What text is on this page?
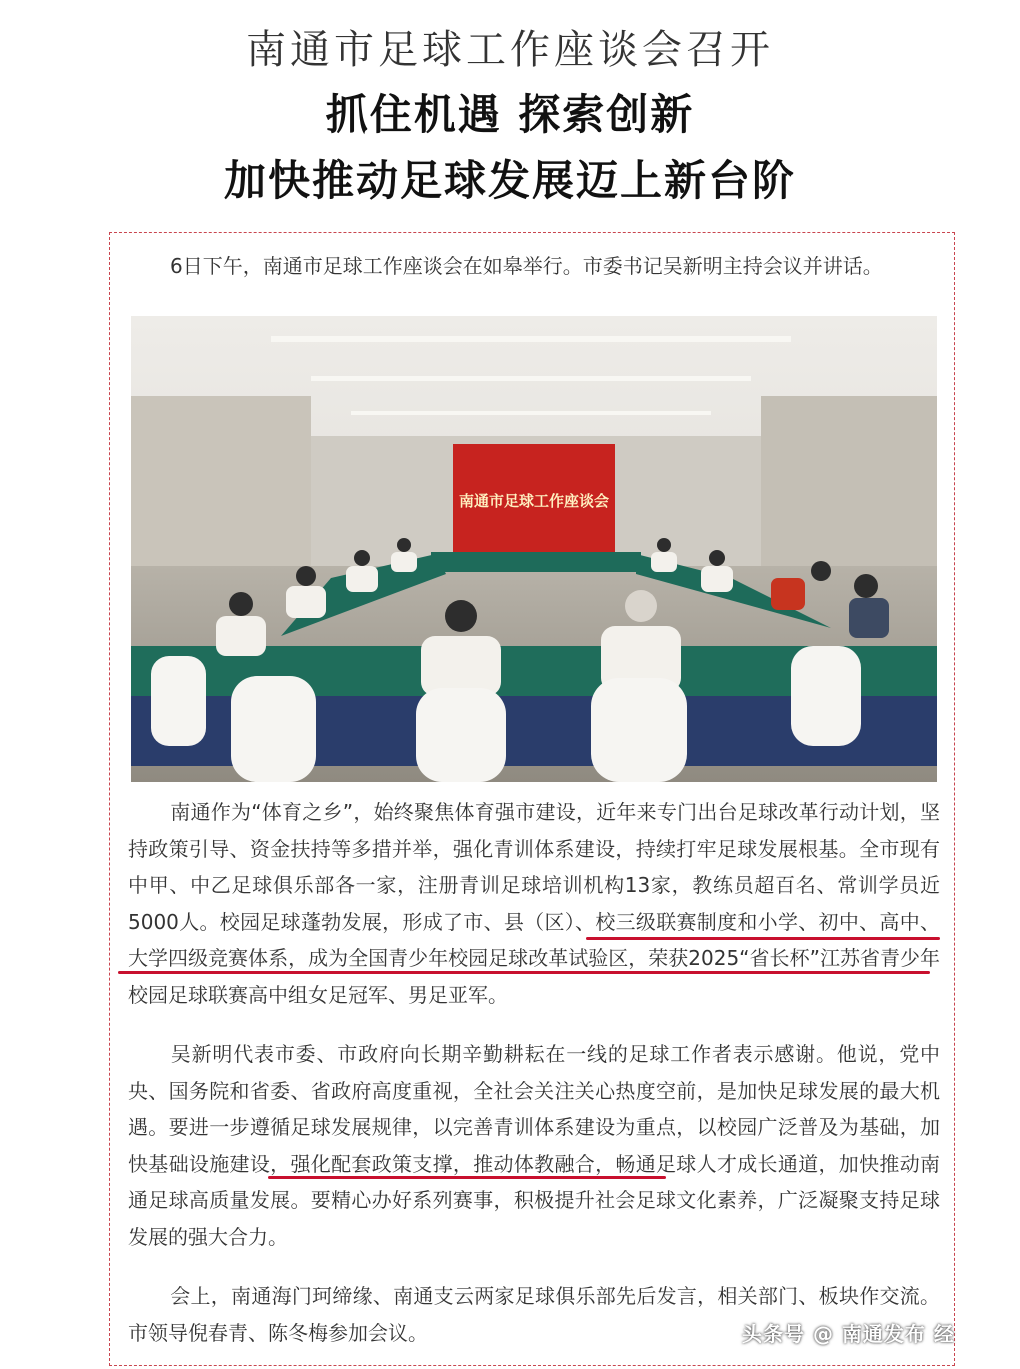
南通市足球工作座谈会召开
抓住机遇 探索创新
加快推动足球发展迈上新台阶

6日下午，南通市足球工作座谈会在如皋举行。市委书记吴新明主持会议并讲话。

南通市足球工作座谈会

南通作为“体育之乡”，始终聚焦体育强市建设，近年来专门出台足球改革行动计划，坚持政策引导、资金扶持等多措并举，强化青训体系建设，持续打牢足球发展根基。全市现有中甲、中乙足球俱乐部各一家，注册青训足球培训机构13家，教练员超百名、常训学员近5000人。校园足球蓬勃发展，形成了市、县（区）、校三级联赛制度和小学、初中、高中、大学四级竞赛体系，成为全国青少年校园足球改革试验区，荣获2025“省长杯”江苏省青少年校园足球联赛高中组女足冠军、男足亚军。

吴新明代表市委、市政府向长期辛勤耕耘在一线的足球工作者表示感谢。他说，党中央、国务院和省委、省政府高度重视，全社会关注关心热度空前，是加快足球发展的最大机遇。要进一步遵循足球发展规律，以完善青训体系建设为重点，以校园广泛普及为基础，加快基础设施建设，强化配套政策支撑，推动体教融合，畅通足球人才成长通道，加快推动南通足球高质量发展。要精心办好系列赛事，积极提升社会足球文化素养，广泛凝聚支持足球发展的强大合力。

会上，南通海门珂缔缘、南通支云两家足球俱乐部先后发言，相关部门、板块作交流。市领导倪春青、陈冬梅参加会议。	头条号 @ 南通发布 经
